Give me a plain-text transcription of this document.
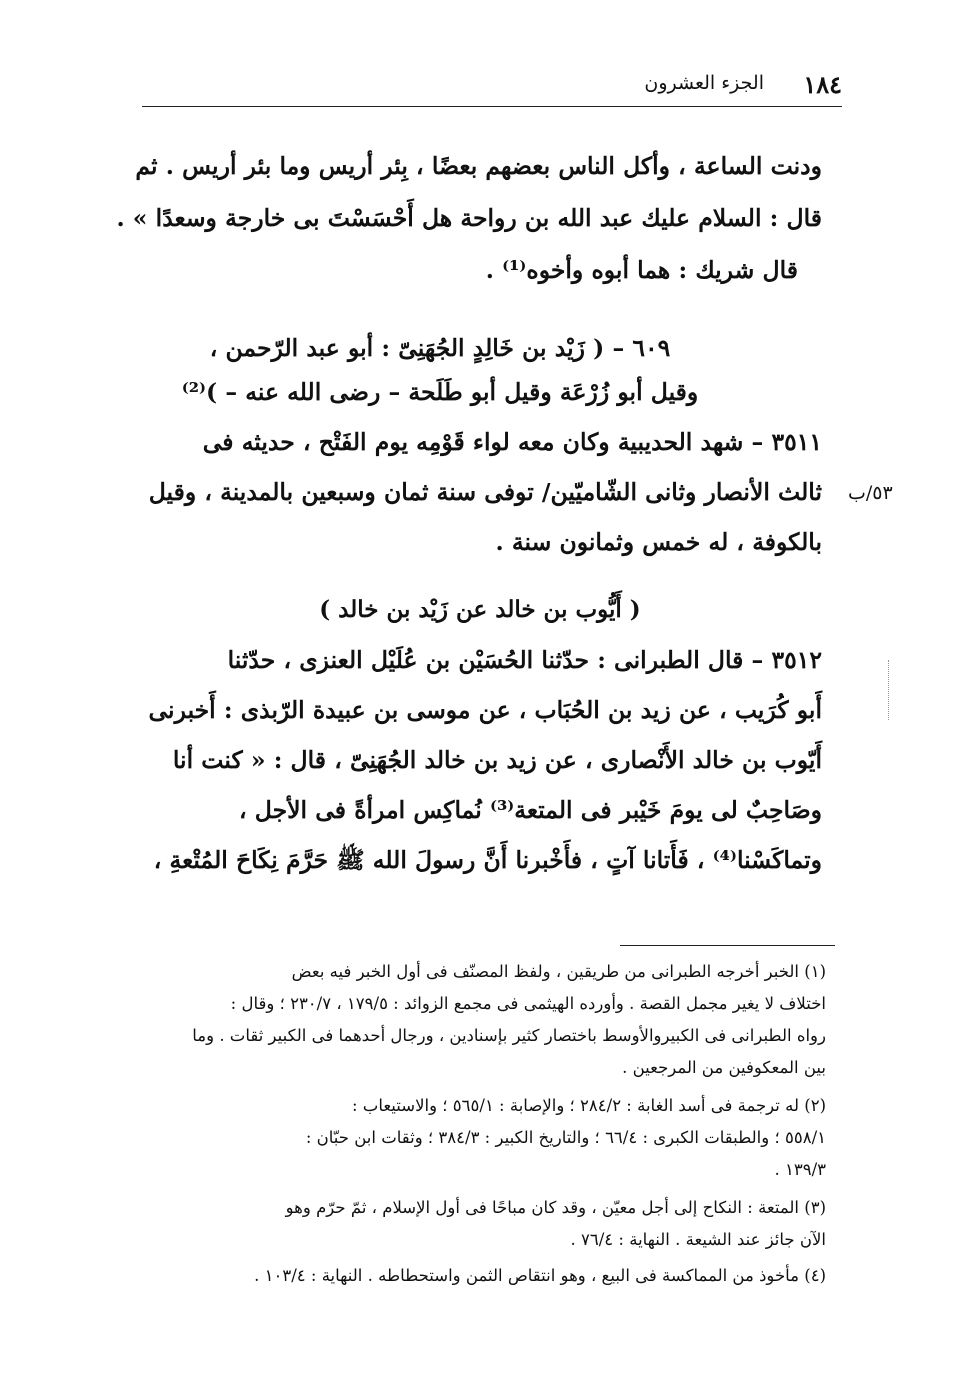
١٨٤
الجزء العشرون
٥٣/ب
ودنت الساعة ، وأكل الناس بعضهم بعضًا ، بِئر أريس وما بئر أريس . ثم
قال : السلام عليك عبد الله بن رواحة هل أَحْسَسْتَ بى خارجة وسعدًا » .
قال شريك : هما أبوه وأخوه⁽¹⁾ .
٦٠٩ – ( زَيْد بن خَالِدٍ الجُهَنِىّ : أبو عبد الرّحمن ،
وقيل أبو زُرْعَة وقيل أبو طَلَحة – رضى الله عنه – )⁽²⁾
٣٥١١ – شهد الحديبية وكان معه لواء قَوْمِه يوم الفَتْح ، حديثه فى
ثالث الأنصار وثانى الشّاميّين/ توفى سنة ثمان وسبعين بالمدينة ، وقيل
بالكوفة ، له خمس وثمانون سنة .
( أَيُّوب بن خالد عن زَيْد بن خالد )
٣٥١٢ – قال الطبرانى : حدّثنا الحُسَيْن بن عُلَيْل العنزى ، حدّثنا
أَبو كُرَيب ، عن زيد بن الحُبَاب ، عن موسى بن عبيدة الرّبذى : أَخبرنى
أَيّوب بن خالد الأَنْصارى ، عن زيد بن خالد الجُهَنِىّ ، قال : « كنت أنا
وصَاحِبٌ لى يومَ خَيْبر فى المتعة⁽³⁾ نُماكِس امرأةً فى الأجل ،
وتماكَسْنا⁽⁴⁾ ، فَأَتانا آتٍ ، فأَخْبرنا أَنَّ رسولَ الله ﷺ حَرَّمَ نِكَاحَ المُتْعةِ ،
(١) الخبر أخرجه الطبرانى من طريقين ، ولفظ المصنّف فى أول الخبر فيه بعض
اختلاف لا يغير مجمل القصة . وأورده الهيثمى فى مجمع الزوائد : ١٧٩/٥ ، ٢٣٠/٧ ؛ وقال :
رواه الطبرانى فى الكبيروالأوسط باختصار كثير بإسنادين ، ورجال أحدهما فى الكبير ثقات . وما
بين المعكوفين من المرجعين .
(٢) له ترجمة فى أسد الغابة : ٢٨٤/٢ ؛ والإصابة : ٥٦٥/١ ؛ والاستيعاب :
٥٥٨/١ ؛ والطبقات الكبرى : ٦٦/٤ ؛ والتاريخ الكبير : ٣٨٤/٣ ؛ وثقات ابن حبّان :
١٣٩/٣ .
(٣) المتعة : النكاح إلى أجل معيّن ، وقد كان مباحًا فى أول الإسلام ، ثمّ حرّم وهو
الآن جائز عند الشيعة . النهاية : ٧٦/٤ .
(٤) مأخوذ من المماكسة فى البيع ، وهو انتقاص الثمن واستحطاطه . النهاية : ١٠٣/٤ .
